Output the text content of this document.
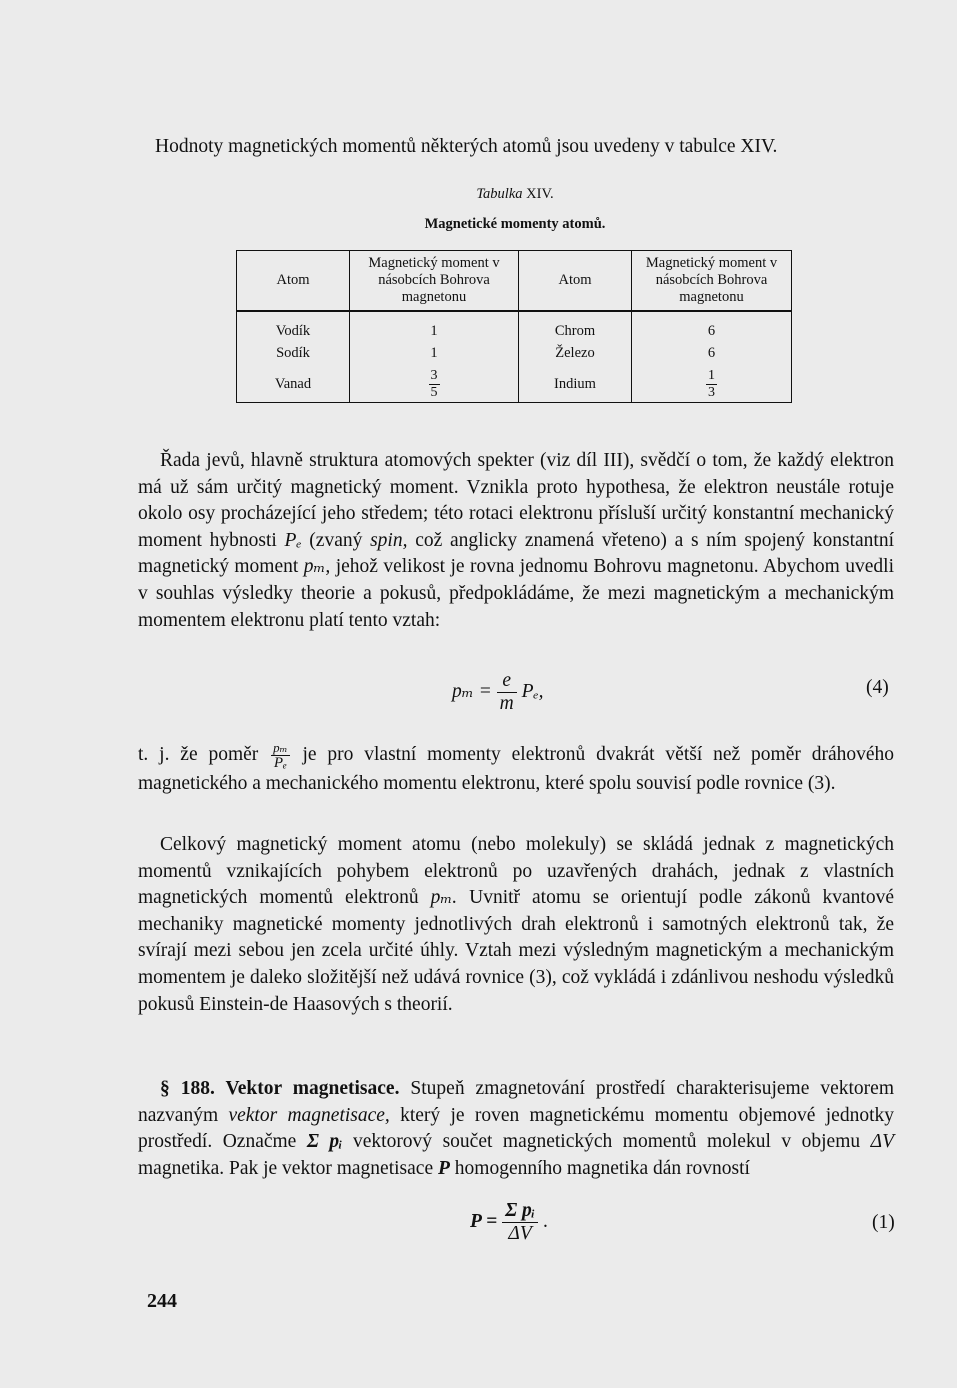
Hodnoty magnetických momentů některých atomů jsou uvedeny v tabulce XIV.
Tabulka XIV.
Magnetické momenty atomů.
Atom	Magnetický moment v násobcích Bohrova magnetonu	Atom	Magnetický moment v násobcích Bohrova magnetonu
Vodík	1	Chrom	6
Sodík	1	Železo	6
Vanad	$\frac{3}{5}$	Indium	$\frac{1}{3}$
Řada jevů, hlavně struktura atomových spekter (viz díl III), svědčí o tom, že každý elektron má už sám určitý magnetický moment. Vznikla proto hypothesa, že elektron neustále rotuje okolo osy procházející jeho středem; této rotaci elektronu přísluší určitý konstantní mechanický moment hybnosti Pₑ (zvaný spin, což anglicky znamená vřeteno) a s ním spojený konstantní magnetický moment pₘ, jehož velikost je rovna jednomu Bohrovu magnetonu. Abychom uvedli v souhlas výsledky theorie a pokusů, předpokládáme, že mezi magnetickým a mechanickým momentem elektronu platí tento vztah:
$p_m = \frac{e}{m} P_e$,	(4)
t. j. že poměr $\frac{\text{pₘ}}{\text{Pₑ}}$ je pro vlastní momenty elektronů dvakrát větší než poměr dráhového magnetického a mechanického momentu elektronu, které spolu souvisí podle rovnice (3).
Celkový magnetický moment atomu (nebo molekuly) se skládá jednak z magnetických momentů vznikajících pohybem elektronů po uzavřených drahách, jednak z vlastních magnetických momentů elektronů pₘ. Uvnitř atomu se orientují podle zákonů kvantové mechaniky magnetické momenty jednotlivých drah elektronů i samotných elektronů tak, že svírají mezi sebou jen zcela určité úhly. Vztah mezi výsledným magnetickým a mechanickým momentem je daleko složitější než udává rovnice (3), což vykládá i zdánlivou neshodu výsledků pokusů Einstein-de Haasových s theorií.
§ 188. Vektor magnetisace. Stupeň zmagnetování prostředí charakterisujeme vektorem nazvaným vektor magnetisace, který je roven magnetickému momentu objemové jednotky prostředí. Označme Σ pᵢ vektorový součet magnetických momentů molekul v objemu ΔV magnetika. Pak je vektor magnetisace P homogenního magnetika dán rovností
$P = \frac{\text{Σ pᵢ}}{\Delta V}$ .	(1)
244
